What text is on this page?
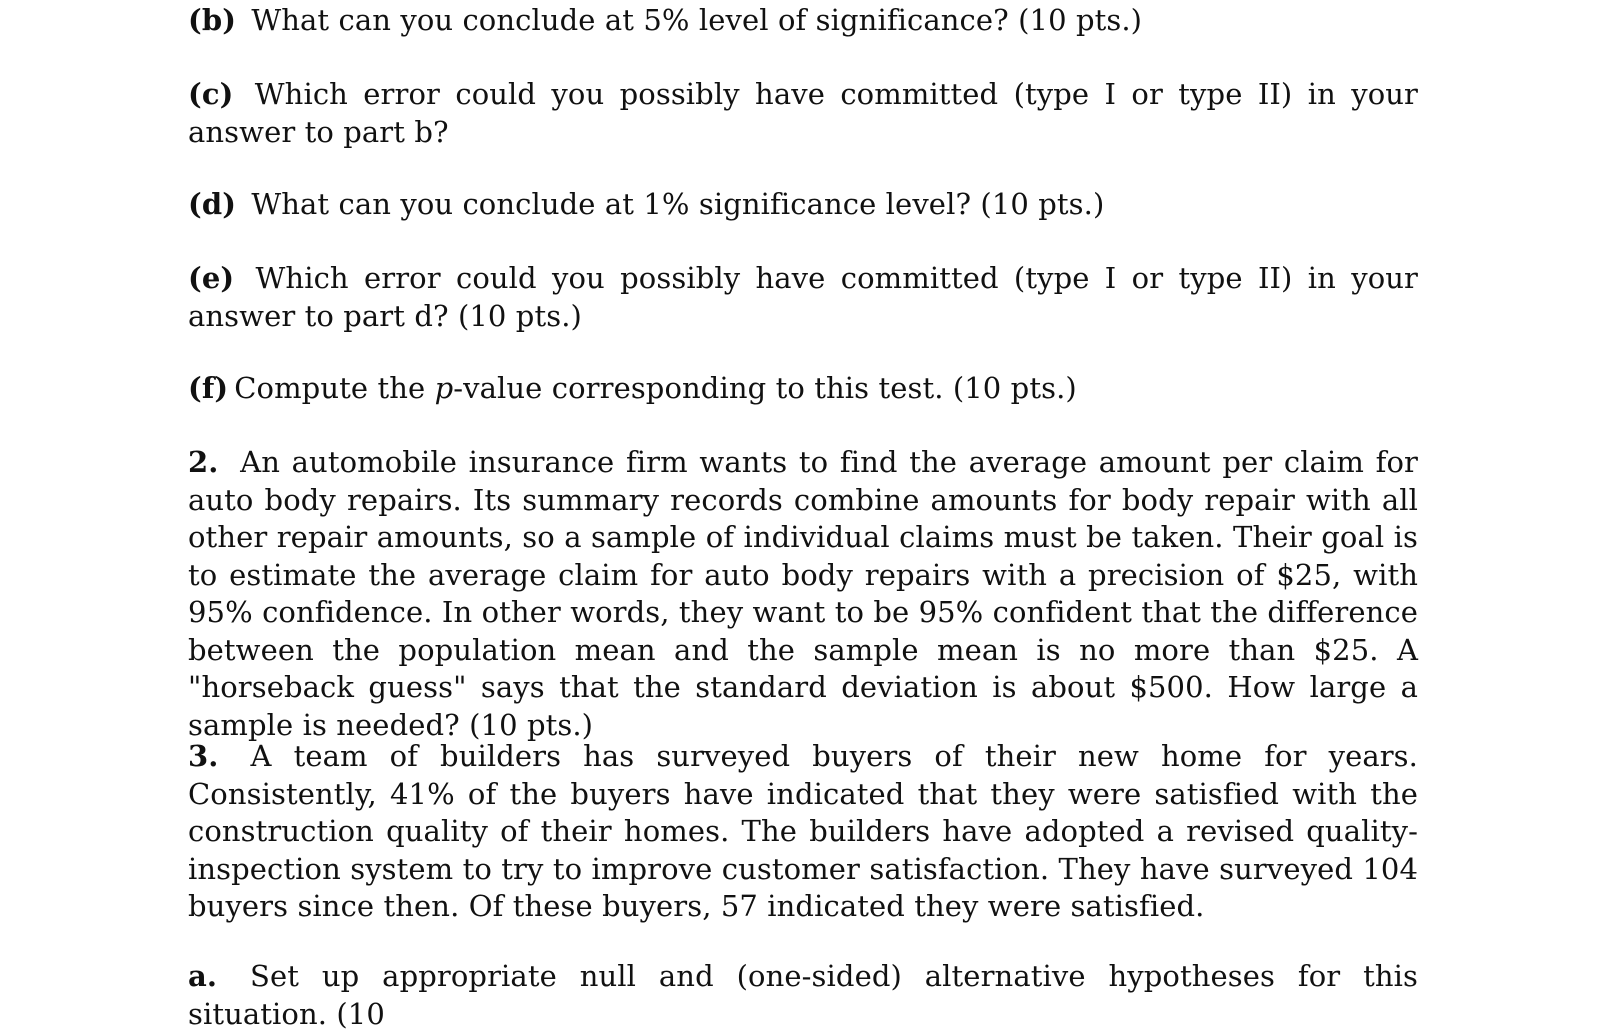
(b) What can you conclude at 5% level of significance? (10 pts.)
(c) Which error could you possibly have committed (type I or type II) in your answer to part b?
(d) What can you conclude at 1% significance level? (10 pts.)
(e) Which error could you possibly have committed (type I or type II) in your answer to part d? (10 pts.)
(f) Compute the p-value corresponding to this test. (10 pts.)
2. An automobile insurance firm wants to find the average amount per claim for auto body repairs. Its summary records combine amounts for body repair with all other repair amounts, so a sample of individual claims must be taken. Their goal is to estimate the average claim for auto body repairs with a precision of $25, with 95% confidence. In other words, they want to be 95% confident that the difference between the population mean and the sample mean is no more than $25. A "horseback guess" says that the standard deviation is about $500. How large a sample is needed? (10 pts.)
3. A team of builders has surveyed buyers of their new home for years. Consistently, 41% of the buyers have indicated that they were satisfied with the construction quality of their homes. The builders have adopted a revised quality-inspection system to try to improve customer satisfaction. They have surveyed 104 buyers since then. Of these buyers, 57 indicated they were satisfied.
a. Set up appropriate null and (one-sided) alternative hypotheses for this situation. (10
